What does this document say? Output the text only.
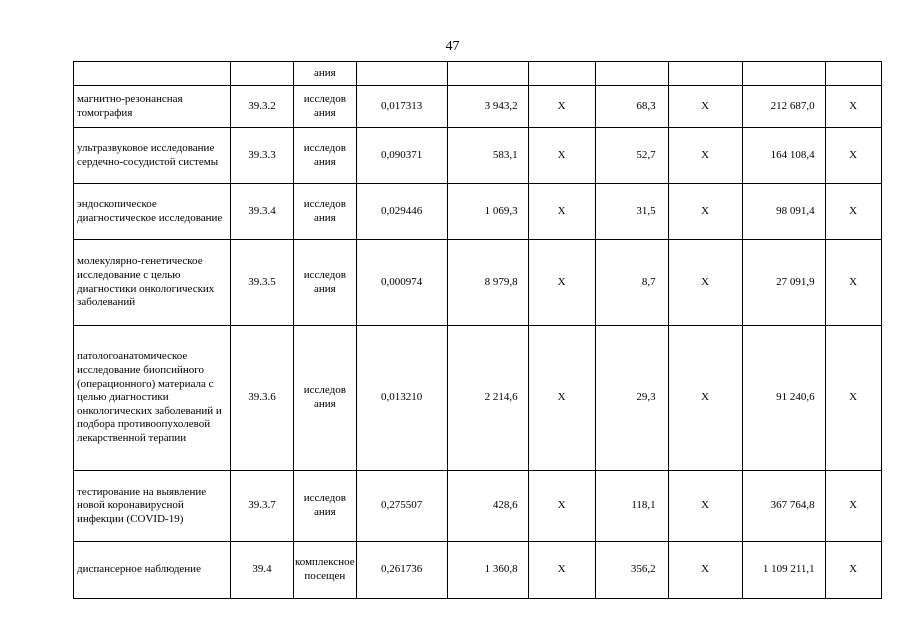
47
		ания							
магнитно-резонансная томография	39.3.2	исследов ания	0,017313	3 943,2	X	68,3	X	212 687,0	X
ультразвуковое исследование сердечно-сосудистой системы	39.3.3	исследов ания	0,090371	583,1	X	52,7	X	164 108,4	X
эндоскопическое диагностическое исследование	39.3.4	исследов ания	0,029446	1 069,3	X	31,5	X	98 091,4	X
молекулярно-генетическое исследование с целью диагностики онкологических заболеваний	39.3.5	исследов ания	0,000974	8 979,8	X	8,7	X	27 091,9	X
патологоанатомическое исследование биопсийного (операционного) материала с целью диагностики онкологических заболеваний и подбора противоопухолевой лекарственной терапии	39.3.6	исследов ания	0,013210	2 214,6	X	29,3	X	91 240,6	X
тестирование на выявление новой коронавирусной инфекции (COVID-19)	39.3.7	исследов ания	0,275507	428,6	X	118,1	X	367 764,8	X
диспансерное наблюдение	39.4	комплексное посещен	0,261736	1 360,8	X	356,2	X	1 109 211,1	X
